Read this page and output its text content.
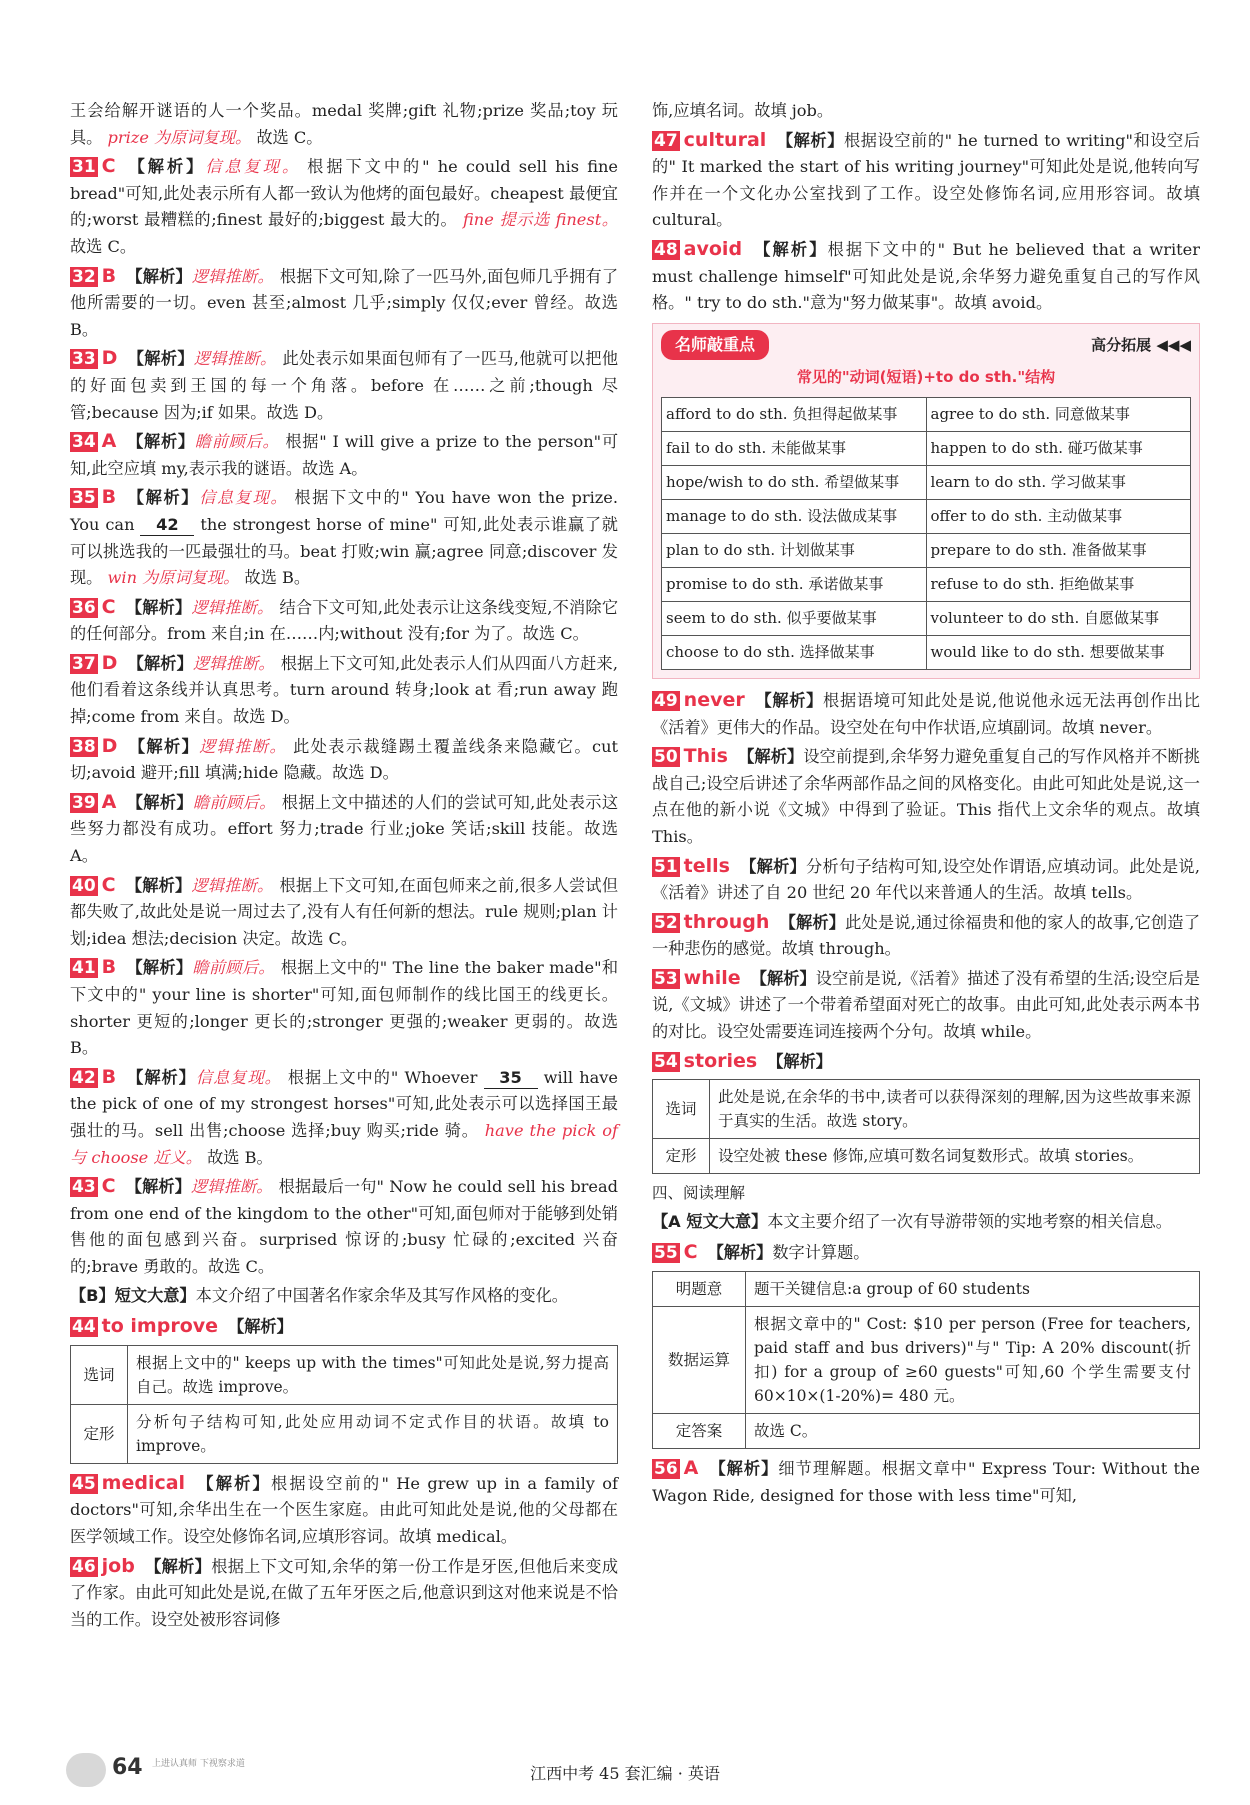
王会给解开谜语的人一个奖品。medal 奖牌;gift 礼物;prize 奖品;toy 玩具。 prize 为原词复现。 故选 C。

31 C 【解析】信息复现。 根据下文中的" he could sell his fine bread"可知,此处表示所有人都一致认为他烤的面包最好。cheapest 最便宜的;worst 最糟糕的;finest 最好的;biggest 最大的。 fine 提示选 finest。 故选 C。

32 B 【解析】逻辑推断。 根据下文可知,除了一匹马外,面包师几乎拥有了他所需要的一切。even 甚至;almost 几乎;simply 仅仅;ever 曾经。故选 B。

33 D 【解析】逻辑推断。 此处表示如果面包师有了一匹马,他就可以把他的好面包卖到王国的每一个角落。before 在……之前;though 尽管;because 因为;if 如果。故选 D。

34 A 【解析】瞻前顾后。 根据" I will give a prize to the person"可知,此空应填 my,表示我的谜语。故选 A。

35 B 【解析】信息复现。 根据下文中的" You have won the prize. You can 42 the strongest horse of mine" 可知,此处表示谁赢了就可以挑选我的一匹最强壮的马。beat 打败;win 赢;agree 同意;discover 发现。 win 为原词复现。 故选 B。

36 C 【解析】逻辑推断。 结合下文可知,此处表示让这条线变短,不消除它的任何部分。from 来自;in 在……内;without 没有;for 为了。故选 C。

37 D 【解析】逻辑推断。 根据上下文可知,此处表示人们从四面八方赶来,他们看着这条线并认真思考。turn around 转身;look at 看;run away 跑掉;come from 来自。故选 D。

38 D 【解析】逻辑推断。 此处表示裁缝踢土覆盖线条来隐藏它。cut 切;avoid 避开;fill 填满;hide 隐藏。故选 D。

39 A 【解析】瞻前顾后。 根据上文中描述的人们的尝试可知,此处表示这些努力都没有成功。effort 努力;trade 行业;joke 笑话;skill 技能。故选 A。

40 C 【解析】逻辑推断。 根据上下文可知,在面包师来之前,很多人尝试但都失败了,故此处是说一周过去了,没有人有任何新的想法。rule 规则;plan 计划;idea 想法;decision 决定。故选 C。

41 B 【解析】瞻前顾后。 根据上文中的" The line the baker made"和下文中的" your line is shorter"可知,面包师制作的线比国王的线更长。shorter 更短的;longer 更长的;stronger 更强的;weaker 更弱的。故选 B。

42 B 【解析】信息复现。 根据上文中的" Whoever 35 will have the pick of one of my strongest horses"可知,此处表示可以选择国王最强壮的马。sell 出售;choose 选择;buy 购买;ride 骑。 have the pick of 与 choose 近义。 故选 B。

43 C 【解析】逻辑推断。 根据最后一句" Now he could sell his bread from one end of the kingdom to the other"可知,面包师对于能够到处销售他的面包感到兴奋。surprised 惊讶的;busy 忙碌的;excited 兴奋的;brave 勇敢的。故选 C。

【B】短文大意】本文介绍了中国著名作家余华及其写作风格的变化。

44 to improve 【解析】
选词	根据上文中的" keeps up with the times"可知此处是说,努力提高自己。故选 improve。
定形	分析句子结构可知,此处应用动词不定式作目的状语。故填 to improve。

45 medical 【解析】根据设空前的" He grew up in a family of doctors"可知,余华出生在一个医生家庭。由此可知此处是说,他的父母都在医学领域工作。设空处修饰名词,应填形容词。故填 medical。

46 job 【解析】根据上下文可知,余华的第一份工作是牙医,但他后来变成了作家。由此可知此处是说,在做了五年牙医之后,他意识到这对他来说是不恰当的工作。设空处被形容词修

饰,应填名词。故填 job。

47 cultural 【解析】根据设空前的" he turned to writing"和设空后的" It marked the start of his writing journey"可知此处是说,他转向写作并在一个文化办公室找到了工作。设空处修饰名词,应用形容词。故填 cultural。

48 avoid 【解析】根据下文中的" But he believed that a writer must challenge himself"可知此处是说,余华努力避免重复自己的写作风格。" try to do sth."意为"努力做某事"。故填 avoid。

名师敲重点	高分拓展 ◀◀◀
常见的"动词(短语)+to do sth."结构
afford to do sth. 负担得起做某事	agree to do sth. 同意做某事
fail to do sth. 未能做某事	happen to do sth. 碰巧做某事
hope/wish to do sth. 希望做某事	learn to do sth. 学习做某事
manage to do sth. 设法做成某事	offer to do sth. 主动做某事
plan to do sth. 计划做某事	prepare to do sth. 准备做某事
promise to do sth. 承诺做某事	refuse to do sth. 拒绝做某事
seem to do sth. 似乎要做某事	volunteer to do sth. 自愿做某事
choose to do sth. 选择做某事	would like to do sth. 想要做某事

49 never 【解析】根据语境可知此处是说,他说他永远无法再创作出比《活着》更伟大的作品。设空处在句中作状语,应填副词。故填 never。

50 This 【解析】设空前提到,余华努力避免重复自己的写作风格并不断挑战自己;设空后讲述了余华两部作品之间的风格变化。由此可知此处是说,这一点在他的新小说《文城》中得到了验证。This 指代上文余华的观点。故填 This。

51 tells 【解析】分析句子结构可知,设空处作谓语,应填动词。此处是说,《活着》讲述了自 20 世纪 20 年代以来普通人的生活。故填 tells。

52 through 【解析】此处是说,通过徐福贵和他的家人的故事,它创造了一种悲伤的感觉。故填 through。

53 while 【解析】设空前是说,《活着》描述了没有希望的生活;设空后是说,《文城》讲述了一个带着希望面对死亡的故事。由此可知,此处表示两本书的对比。设空处需要连词连接两个分句。故填 while。

54 stories 【解析】
选词	此处是说,在余华的书中,读者可以获得深刻的理解,因为这些故事来源于真实的生活。故选 story。
定形	设空处被 these 修饰,应填可数名词复数形式。故填 stories。

四、阅读理解

【A 短文大意】本文主要介绍了一次有导游带领的实地考察的相关信息。

55 C 【解析】数字计算题。
明题意	题干关键信息:a group of 60 students
数据运算	根据文章中的" Cost: $10 per person (Free for teachers, paid staff and bus drivers)"与" Tip: A 20% discount(折扣) for a group of ≥60 guests"可知,60 个学生需要支付 60×10×(1-20%)= 480 元。
定答案	故选 C。

56 A 【解析】细节理解题。根据文章中" Express Tour: Without the Wagon Ride, designed for those with less time"可知,

64 上进认真师 下视察求道	江西中考 45 套汇编 · 英语
